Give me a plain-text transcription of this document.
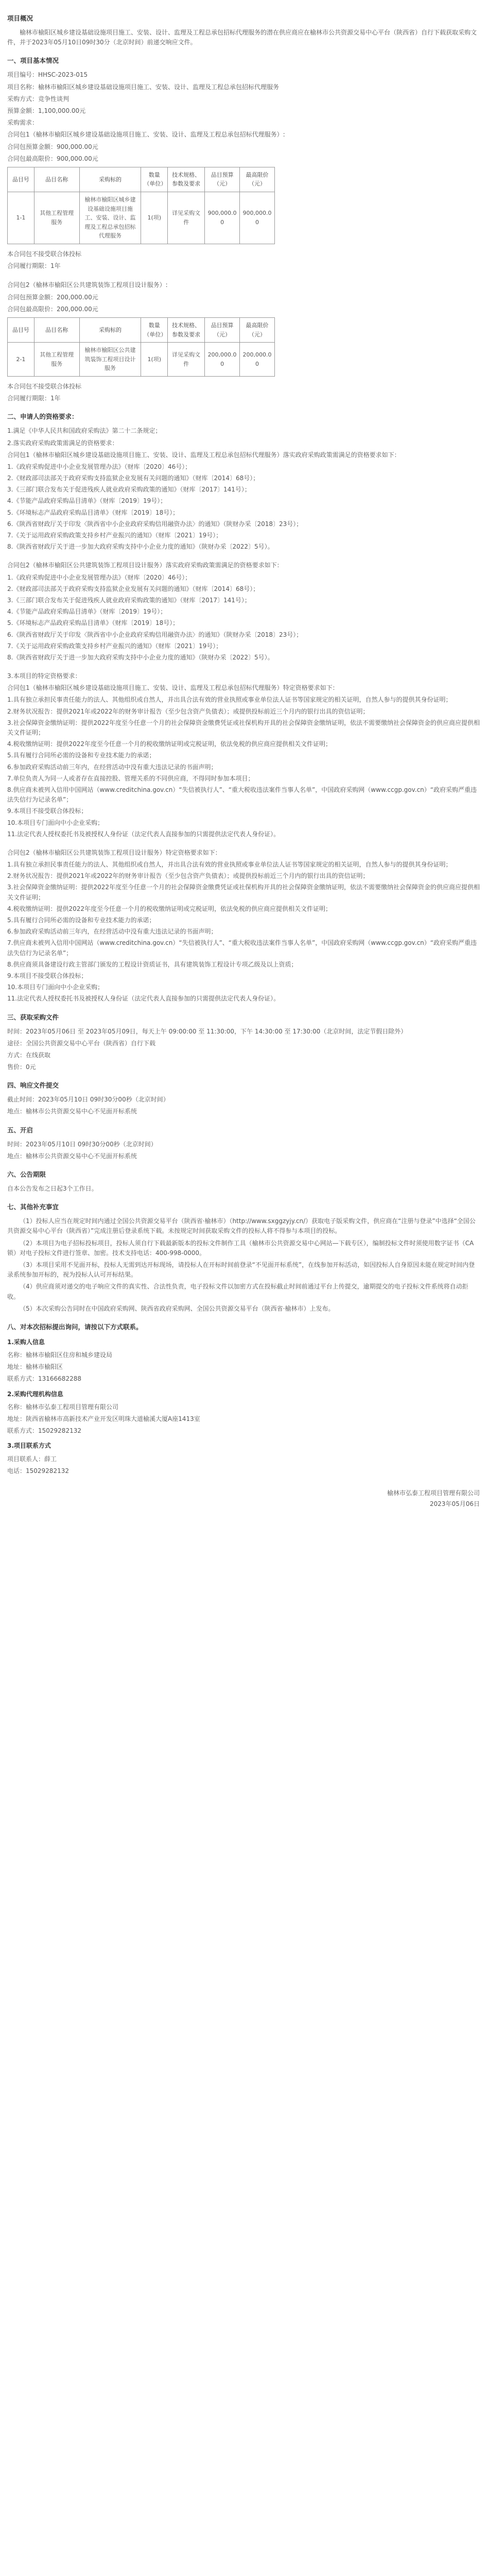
项目概况
榆林市榆阳区城乡建设基础设施项目施工、安装、设计、监理及工程总承包招标代理服务的潜在供应商应在榆林市公共资源交易中心平台（陕西省）自行下载获取采购文件，并于2023年05月10日09时30分（北京时间）前递交响应文件。
一、项目基本情况
项目编号：HHSC-2023-015
项目名称：榆林市榆阳区城乡建设基础设施项目施工、安装、设计、监理及工程总承包招标代理服务
采购方式：竞争性谈判
预算金额：1,100,000.00元
采购需求：
合同包1（榆林市榆阳区城乡建设基础设施项目施工、安装、设计、监理及工程总承包招标代理服务）:
合同包预算金额：900,000.00元
合同包最高限价：900,000.00元
品目号	品目名称	采购标的	数量（单位）	技术规格、参数及要求	品目预算（元）	最高限价（元）
1-1	其他工程管理服务	榆林市榆阳区城乡建设基础设施项目施工、安装、设计、监理及工程总承包招标代理服务	1(项)	详见采购文件	900,000.00	900,000.00
本合同包不接受联合体投标
合同履行期限：1年
合同包2（榆林市榆阳区公共建筑装饰工程项目设计服务）:
合同包预算金额：200,000.00元
合同包最高限价：200,000.00元
品目号	品目名称	采购标的	数量（单位）	技术规格、参数及要求	品目预算（元）	最高限价（元）
2-1	其他工程管理服务	榆林市榆阳区公共建筑装饰工程项目设计服务	1(项)	详见采购文件	200,000.00	200,000.00
本合同包不接受联合体投标
合同履行期限：1年
二、申请人的资格要求：
1.满足《中华人民共和国政府采购法》第二十二条规定；
2.落实政府采购政策需满足的资格要求：
合同包1（榆林市榆阳区城乡建设基础设施项目施工、安装、设计、监理及工程总承包招标代理服务）落实政府采购政策需满足的资格要求如下：
1.《政府采购促进中小企业发展管理办法》（财库〔2020〕46号）；
2.《财政部司法部关于政府采购支持监狱企业发展有关问题的通知》（财库〔2014〕68号）；
3.《三部门联合发布关于促进残疾人就业政府采购政策的通知》（财库〔2017〕141号）；
4.《节能产品政府采购品目清单》（财库〔2019〕19号）；
5.《环境标志产品政府采购品目清单》（财库〔2019〕18号）；
6.《陕西省财政厅关于印发〈陕西省中小企业政府采购信用融资办法〉的通知》（陕财办采〔2018〕23号）；
7.《关于运用政府采购政策支持乡村产业振兴的通知》（财库〔2021〕19号）；
8.《陕西省财政厅关于进一步加大政府采购支持中小企业力度的通知》（陕财办采〔2022〕5号）。
合同包2（榆林市榆阳区公共建筑装饰工程项目设计服务）落实政府采购政策需满足的资格要求如下：
1.《政府采购促进中小企业发展管理办法》（财库〔2020〕46号）；
2.《财政部司法部关于政府采购支持监狱企业发展有关问题的通知》（财库〔2014〕68号）；
3.《三部门联合发布关于促进残疾人就业政府采购政策的通知》（财库〔2017〕141号）；
4.《节能产品政府采购品目清单》（财库〔2019〕19号）；
5.《环境标志产品政府采购品目清单》（财库〔2019〕18号）；
6.《陕西省财政厅关于印发〈陕西省中小企业政府采购信用融资办法〉的通知》（陕财办采〔2018〕23号）；
7.《关于运用政府采购政策支持乡村产业振兴的通知》（财库〔2021〕19号）；
8.《陕西省财政厅关于进一步加大政府采购支持中小企业力度的通知》（陕财办采〔2022〕5号）。
3.本项目的特定资格要求：
合同包1（榆林市榆阳区城乡建设基础设施项目施工、安装、设计、监理及工程总承包招标代理服务）特定资格要求如下：
1.具有独立承担民事责任能力的法人、其他组织或自然人，并出具合法有效的营业执照或事业单位法人证书等国家规定的相关证明，自然人参与的提供其身份证明；
2.财务状况报告：提供2021年或2022年的财务审计报告（至少包含资产负债表）；或提供投标前近三个月内的银行出具的资信证明；
3.社会保障资金缴纳证明：提供2022年度至今任意一个月的社会保障资金缴费凭证或社保机构开具的社会保障资金缴纳证明，依法不需要缴纳社会保障资金的供应商应提供相关文件证明；
4.税收缴纳证明：提供2022年度至今任意一个月的税收缴纳证明或完税证明，依法免税的供应商应提供相关文件证明；
5.具有履行合同所必需的设备和专业技术能力的承诺；
6.参加政府采购活动前三年内，在经营活动中没有重大违法记录的书面声明；
7.单位负责人为同一人或者存在直接控股、管理关系的不同供应商，不得同时参加本项目；
8.供应商未被列入信用中国网站（www.creditchina.gov.cn）“失信被执行人”、“重大税收违法案件当事人名单”，中国政府采购网（www.ccgp.gov.cn）“政府采购严重违法失信行为记录名单”；
9.本项目不接受联合体投标；
10.本项目专门面向中小企业采购；
11.法定代表人授权委托书及被授权人身份证（法定代表人直接参加的只需提供法定代表人身份证）。
合同包2（榆林市榆阳区公共建筑装饰工程项目设计服务）特定资格要求如下：
1.具有独立承担民事责任能力的法人、其他组织或自然人，并出具合法有效的营业执照或事业单位法人证书等国家规定的相关证明，自然人参与的提供其身份证明；
2.财务状况报告：提供2021年或2022年的财务审计报告（至少包含资产负债表）；或提供投标前近三个月内的银行出具的资信证明；
3.社会保障资金缴纳证明：提供2022年度至今任意一个月的社会保障资金缴费凭证或社保机构开具的社会保障资金缴纳证明，依法不需要缴纳社会保障资金的供应商应提供相关文件证明；
4.税收缴纳证明：提供2022年度至今任意一个月的税收缴纳证明或完税证明，依法免税的供应商应提供相关文件证明；
5.具有履行合同所必需的设备和专业技术能力的承诺；
6.参加政府采购活动前三年内，在经营活动中没有重大违法记录的书面声明；
7.供应商未被列入信用中国网站（www.creditchina.gov.cn）“失信被执行人”、“重大税收违法案件当事人名单”，中国政府采购网（www.ccgp.gov.cn）“政府采购严重违法失信行为记录名单”；
8.供应商须具备建设行政主管部门颁发的工程设计资质证书，具有建筑装饰工程设计专项乙级及以上资质；
9.本项目不接受联合体投标；
10.本项目专门面向中小企业采购；
11.法定代表人授权委托书及被授权人身份证（法定代表人直接参加的只需提供法定代表人身份证）。
三、获取采购文件
时间：2023年05月06日 至 2023年05月09日，每天上午 09:00:00 至 11:30:00，下午 14:30:00 至 17:30:00（北京时间，法定节假日除外）
途径：全国公共资源交易中心平台（陕西省）自行下载
方式：在线获取
售价：0元
四、响应文件提交
截止时间：2023年05月10日 09时30分00秒（北京时间）
地点：榆林市公共资源交易中心不见面开标系统
五、开启
时间：2023年05月10日 09时30分00秒（北京时间）
地点：榆林市公共资源交易中心不见面开标系统
六、公告期限
自本公告发布之日起3个工作日。
七、其他补充事宜
（1）投标人应当在规定时间内通过全国公共资源交易平台（陕西省·榆林市）（http://www.sxggzyjy.cn/）获取电子版采购文件，供应商在“注册与登录”中选择“全国公共资源交易中心平台（陕西省）”完成注册后登录系统下载。未按规定时间获取采购文件的投标人将不得参与本项目的投标。
（2）本项目为电子招标投标项目，投标人须自行下载最新版本的投标文件制作工具（榆林市公共资源交易中心网站—下载专区），编制投标文件时须使用数字证书（CA锁）对电子投标文件进行签章、加密。技术支持电话：400-998-0000。
（3）本项目采用不见面开标，投标人无需到达开标现场，请投标人在开标时间前登录“不见面开标系统”，在线参加开标活动，如因投标人自身原因未能在规定时间内登录系统参加开标的，视为投标人认可开标结果。
（4）供应商须对递交的电子响应文件的真实性、合法性负责，电子投标文件以加密方式在投标截止时间前通过平台上传提交，逾期提交的电子投标文件系统将自动拒收。
（5）本次采购公告同时在中国政府采购网、陕西省政府采购网、全国公共资源交易平台（陕西省·榆林市）上发布。
八、对本次招标提出询问，请按以下方式联系。
1.采购人信息
名称：榆林市榆阳区住房和城乡建设局
地址：榆林市榆阳区
联系方式：13166682288
2.采购代理机构信息
名称：榆林市弘泰工程项目管理有限公司
地址：陕西省榆林市高新技术产业开发区明珠大道榆溪大厦A座1413室
联系方式：15029282132
3.项目联系方式
项目联系人：薛工
电话：15029282132
榆林市弘泰工程项目管理有限公司
2023年05月06日
